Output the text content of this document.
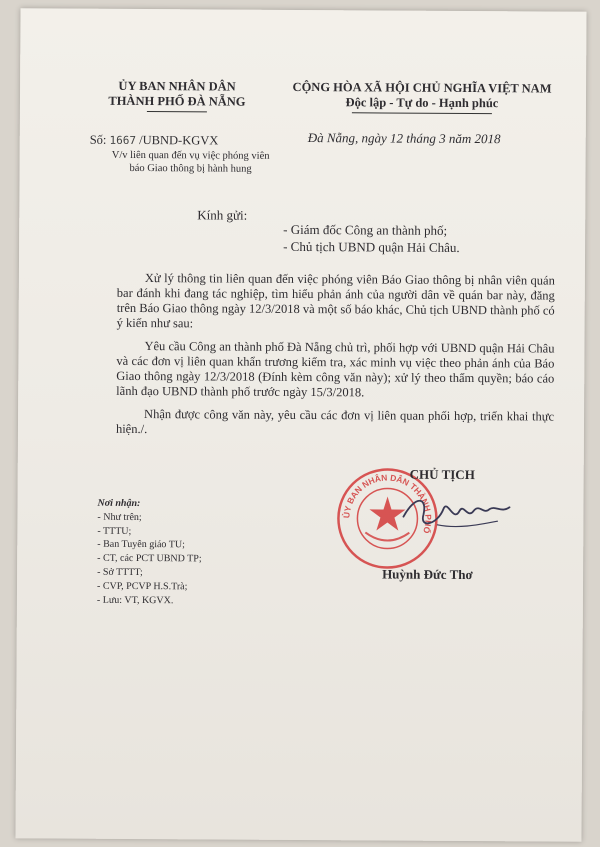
ỦY BAN NHÂN DÂN
THÀNH PHỐ ĐÀ NẴNG
CỘNG HÒA XÃ HỘI CHỦ NGHĨA VIỆT NAM
Độc lập - Tự do - Hạnh phúc
Số: 1667 /UBND-KGVX	Đà Nẵng, ngày 12 tháng 3 năm 2018
V/v liên quan đến vụ việc phóng viên
báo Giao thông bị hành hung
Kính gửi:
- Giám đốc Công an thành phố;
- Chủ tịch UBND quận Hải Châu.

Xử lý thông tin liên quan đến việc phóng viên Báo Giao thông bị nhân viên quán bar đánh khi đang tác nghiệp, tìm hiểu phản ánh của người dân về quán bar này, đăng trên Báo Giao thông ngày 12/3/2018 và một số báo khác, Chủ tịch UBND thành phố có ý kiến như sau:

Yêu cầu Công an thành phố Đà Nẵng chủ trì, phối hợp với UBND quận Hải Châu và các đơn vị liên quan khẩn trương kiểm tra, xác minh vụ việc theo phản ánh của Báo Giao thông ngày 12/3/2018 (Đính kèm công văn này); xử lý theo thẩm quyền; báo cáo lãnh đạo UBND thành phố trước ngày 15/3/2018.

Nhận được công văn này, yêu cầu các đơn vị liên quan phối hợp, triển khai thực hiện./.

Nơi nhận:
- Như trên;
- TTTU;
- Ban Tuyên giáo TU;
- CT, các PCT UBND TP;
- Sở TTTT;
- CVP, PCVP H.S.Trà;
- Lưu: VT, KGVX.
ỦY BAN NHÂN DÂN THÀNH PHỐ
CHỦ TỊCH
Huỳnh Đức Thơ
